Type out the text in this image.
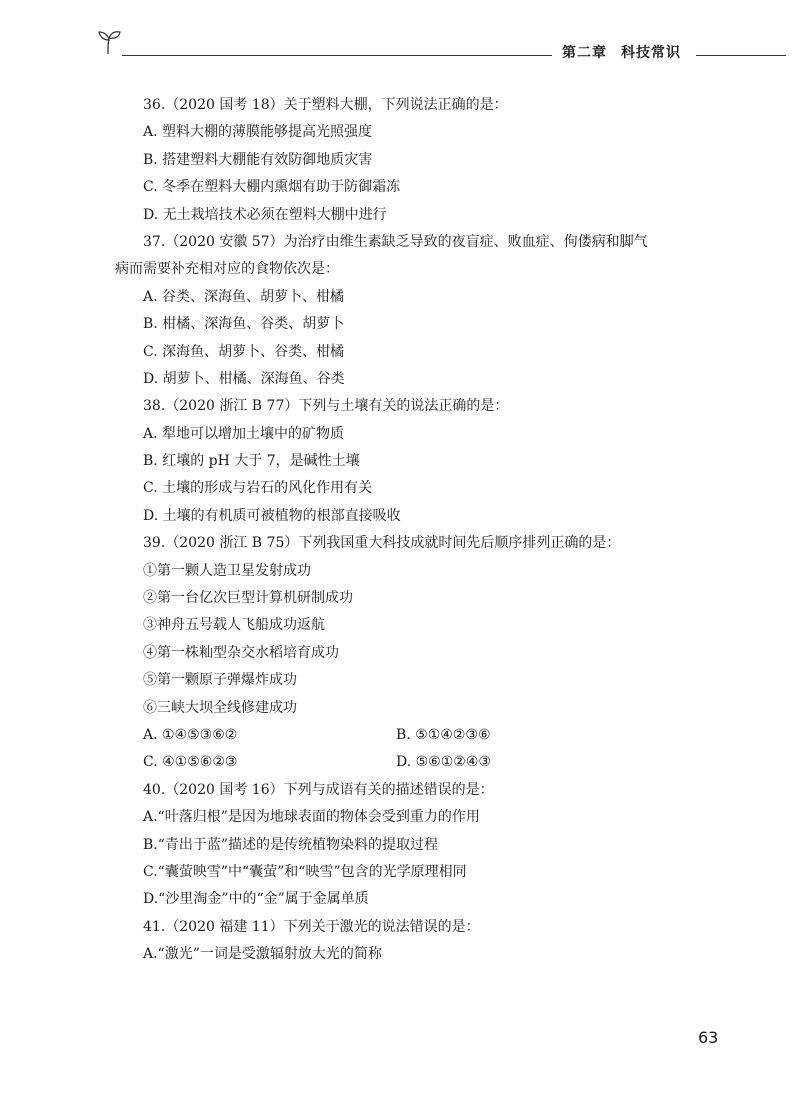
第二章 科技常识
36.（2020 国考 18）关于塑料大棚，下列说法正确的是：
A. 塑料大棚的薄膜能够提高光照强度
B. 搭建塑料大棚能有效防御地质灾害
C. 冬季在塑料大棚内熏烟有助于防御霜冻
D. 无土栽培技术必须在塑料大棚中进行
37.（2020 安徽 57）为治疗由维生素缺乏导致的夜盲症、败血症、佝偻病和脚气
病而需要补充相对应的食物依次是：
A. 谷类、深海鱼、胡萝卜、柑橘
B. 柑橘、深海鱼、谷类、胡萝卜
C. 深海鱼、胡萝卜、谷类、柑橘
D. 胡萝卜、柑橘、深海鱼、谷类
38.（2020 浙江 B 77）下列与土壤有关的说法正确的是：
A. 犁地可以增加土壤中的矿物质
B. 红壤的 pH 大于 7，是碱性土壤
C. 土壤的形成与岩石的风化作用有关
D. 土壤的有机质可被植物的根部直接吸收
39.（2020 浙江 B 75）下列我国重大科技成就时间先后顺序排列正确的是：
①第一颗人造卫星发射成功
②第一台亿次巨型计算机研制成功
③神舟五号载人飞船成功返航
④第一株籼型杂交水稻培育成功
⑤第一颗原子弹爆炸成功
⑥三峡大坝全线修建成功
A. ①④⑤③⑥②	B. ⑤①④②③⑥
C. ④①⑤⑥②③	D. ⑤⑥①②④③
40.（2020 国考 16）下列与成语有关的描述错误的是：
A.“叶落归根”是因为地球表面的物体会受到重力的作用
B.“青出于蓝”描述的是传统植物染料的提取过程
C.“囊萤映雪”中“囊萤”和“映雪”包含的光学原理相同
D.“沙里淘金”中的“金”属于金属单质
41.（2020 福建 11）下列关于激光的说法错误的是：
A.“激光”一词是受激辐射放大光的简称
63
